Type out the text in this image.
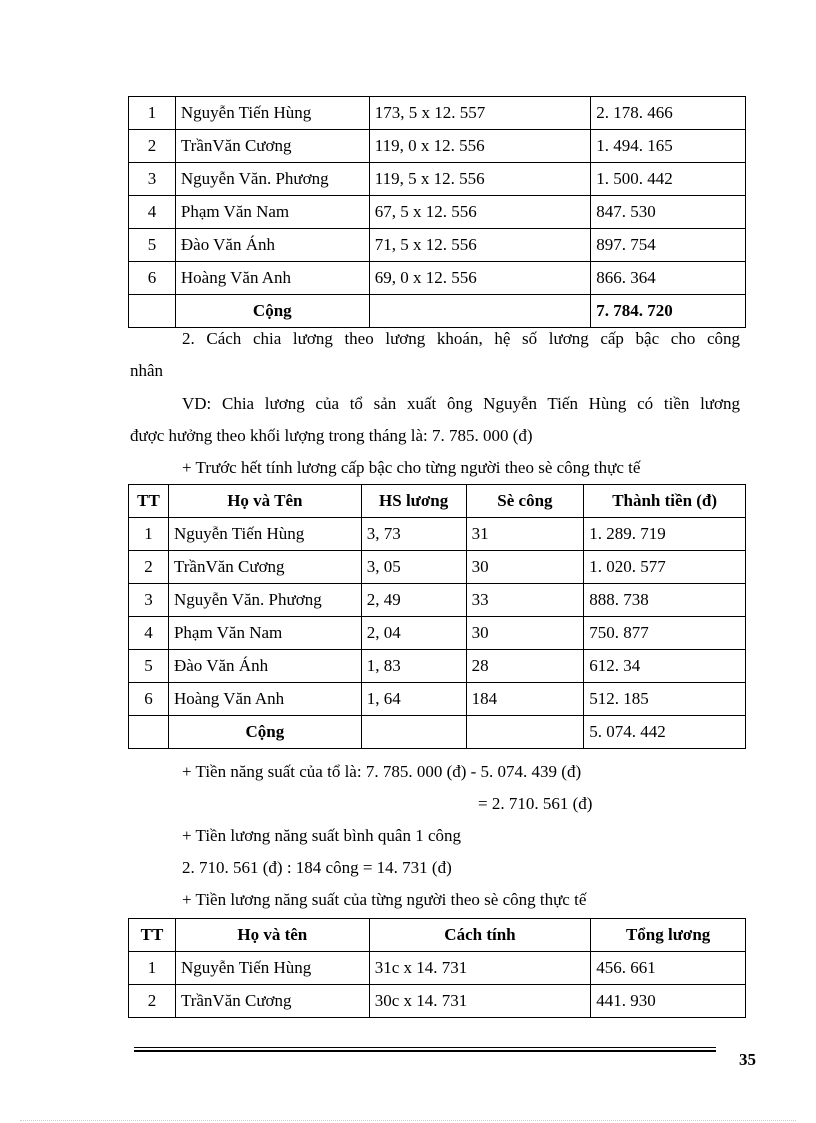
1	Nguyễn Tiến Hùng	173, 5 x 12. 557	2. 178. 466
2	TrầnVăn Cương	119, 0 x 12. 556	1. 494. 165
3	Nguyễn Văn. Phương	119, 5 x 12. 556	1. 500. 442
4	Phạm Văn Nam	67, 5 x 12. 556	847. 530
5	Đào Văn Ánh	71, 5 x 12. 556	897. 754
6	Hoàng Văn Anh	69, 0 x 12. 556	866. 364
	Cộng		7. 784. 720
2. Cách chia lương theo lương khoán, hệ số lương cấp bậc cho công
nhân
VD: Chia lương của tổ sản xuất ông Nguyễn Tiến Hùng có tiền lương
được hưởng theo khối lượng trong tháng là: 7. 785. 000 (đ)
+ Trước hết tính lương cấp bậc cho từng người theo sè công thực tế
TT	Họ và Tên	HS lương	Sè công	Thành tiền (đ)
1	Nguyễn Tiến Hùng	3, 73	31	1. 289. 719
2	TrầnVăn Cương	3, 05	30	1. 020. 577
3	Nguyễn Văn. Phương	2, 49	33	888. 738
4	Phạm Văn Nam	2, 04	30	750. 877
5	Đào Văn Ánh	1, 83	28	612. 34
6	Hoàng Văn Anh	1, 64	184	512. 185
	Cộng			5. 074. 442
+ Tiền năng suất của tổ là: 7. 785. 000 (đ) - 5. 074. 439 (đ)
= 2. 710. 561 (đ)
+ Tiền lương năng suất bình quân 1 công
2. 710. 561 (đ) : 184 công = 14. 731 (đ)
+ Tiền lương năng suất của từng người theo sè công thực tế
TT	Họ và tên	Cách tính	Tổng lương
1	Nguyễn Tiến Hùng	31c x 14. 731	456. 661
2	TrầnVăn Cương	30c x 14. 731	441. 930
35
